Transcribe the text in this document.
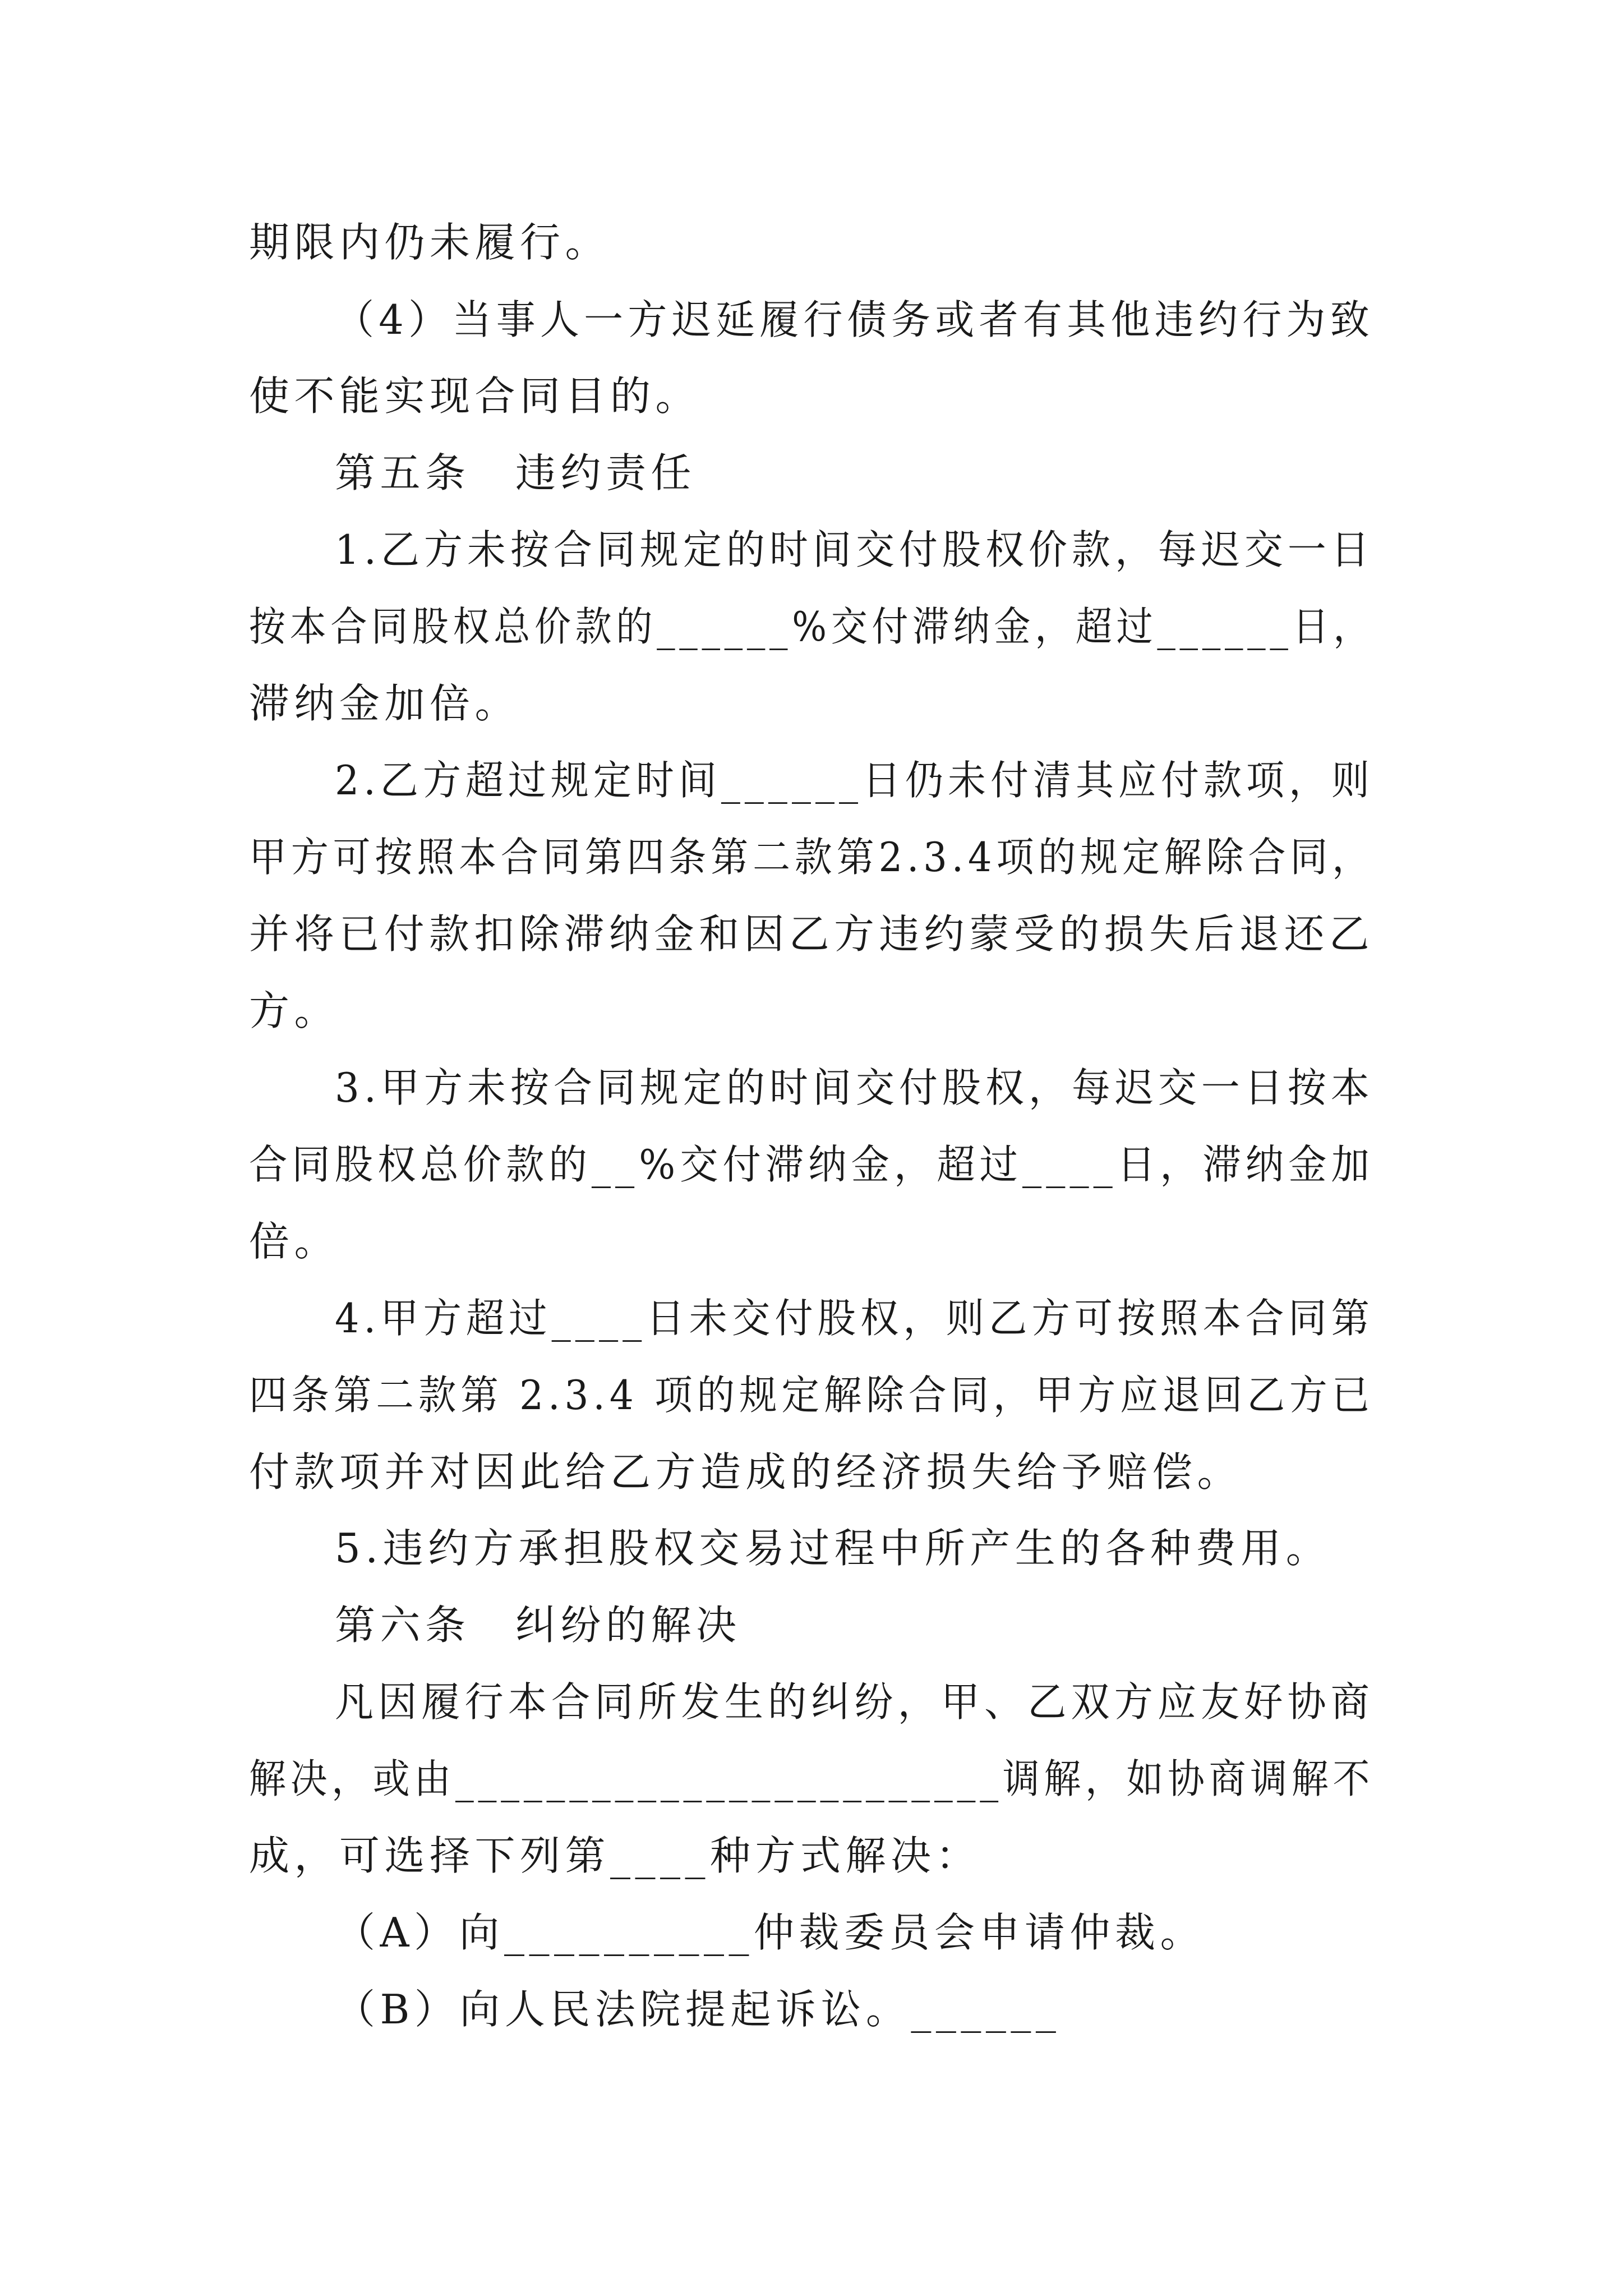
期限内仍未履行。

（4）当事人一方迟延履行债务或者有其他违约行为致

使不能实现合同目的。

第五条　违约责任

1.乙方未按合同规定的时间交付股权价款，每迟交一日

按本合同股权总价款的______%交付滞纳金，超过______日，

滞纳金加倍。

2.乙方超过规定时间______日仍未付清其应付款项，则

甲方可按照本合同第四条第二款第2.3.4项的规定解除合同，

并将已付款扣除滞纳金和因乙方违约蒙受的损失后退还乙

方。

3.甲方未按合同规定的时间交付股权，每迟交一日按本

合同股权总价款的__%交付滞纳金，超过____日，滞纳金加

倍。

4.甲方超过____日未交付股权，则乙方可按照本合同第

四条第二款第 2.3.4 项的规定解除合同，甲方应退回乙方已

付款项并对因此给乙方造成的经济损失给予赔偿。

5.违约方承担股权交易过程中所产生的各种费用。

第六条　纠纷的解决

凡因履行本合同所发生的纠纷，甲、乙双方应友好协商

解决，或由________________________调解，如协商调解不

成，可选择下列第____种方式解决：

（A）向__________仲裁委员会申请仲裁。

（B）向人民法院提起诉讼。______
